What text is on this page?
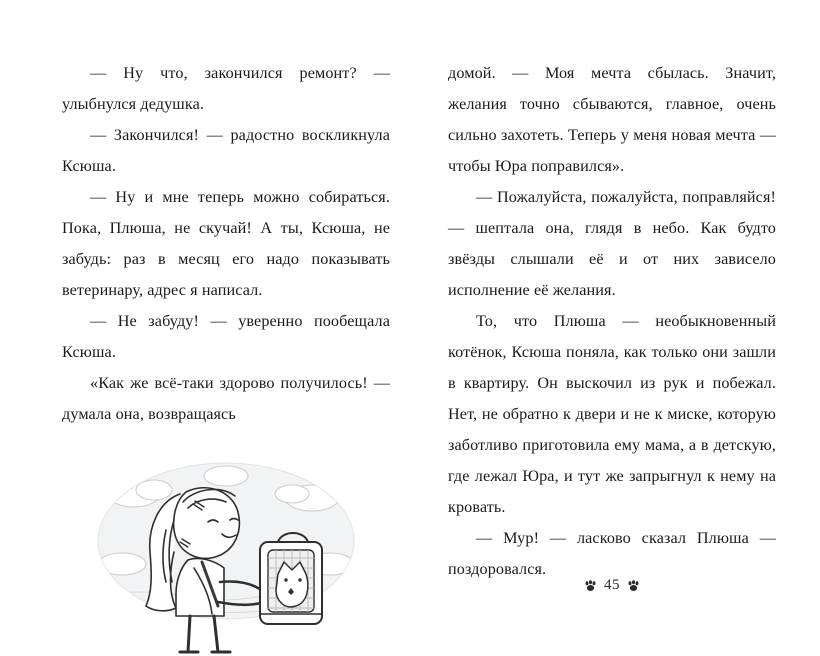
— Ну что, закончился ремонт? — улыбнулся дедушка.

— Закончился! — радостно воскликнула Ксюша.

— Ну и мне теперь можно собираться. Пока, Плюша, не скучай! А ты, Ксюша, не забудь: раз в месяц его надо показывать ветеринару, адрес я написал.

— Не забуду! — уверенно пообещала Ксюша.

«Как же всё-таки здорово получилось! — думала она, возвращаясь

домой. — Моя мечта сбылась. Значит, желания точно сбываются, главное, очень сильно захотеть. Теперь у меня новая мечта — чтобы Юра поправился».

— Пожалуйста, пожалуйста, поправляйся! — шептала она, глядя в небо. Как будто звёзды слышали её и от них зависело исполнение её желания.

То, что Плюша — необыкновенный котёнок, Ксюша поняла, как только они зашли в квартиру. Он выскочил из рук и побежал. Нет, не обратно к двери и не к миске, которую заботливо приготовила ему мама, а в детскую, где лежал Юра, и тут же запрыгнул к нему на кровать.

— Мур! — ласково сказал Плюша — поздоровался.

45
